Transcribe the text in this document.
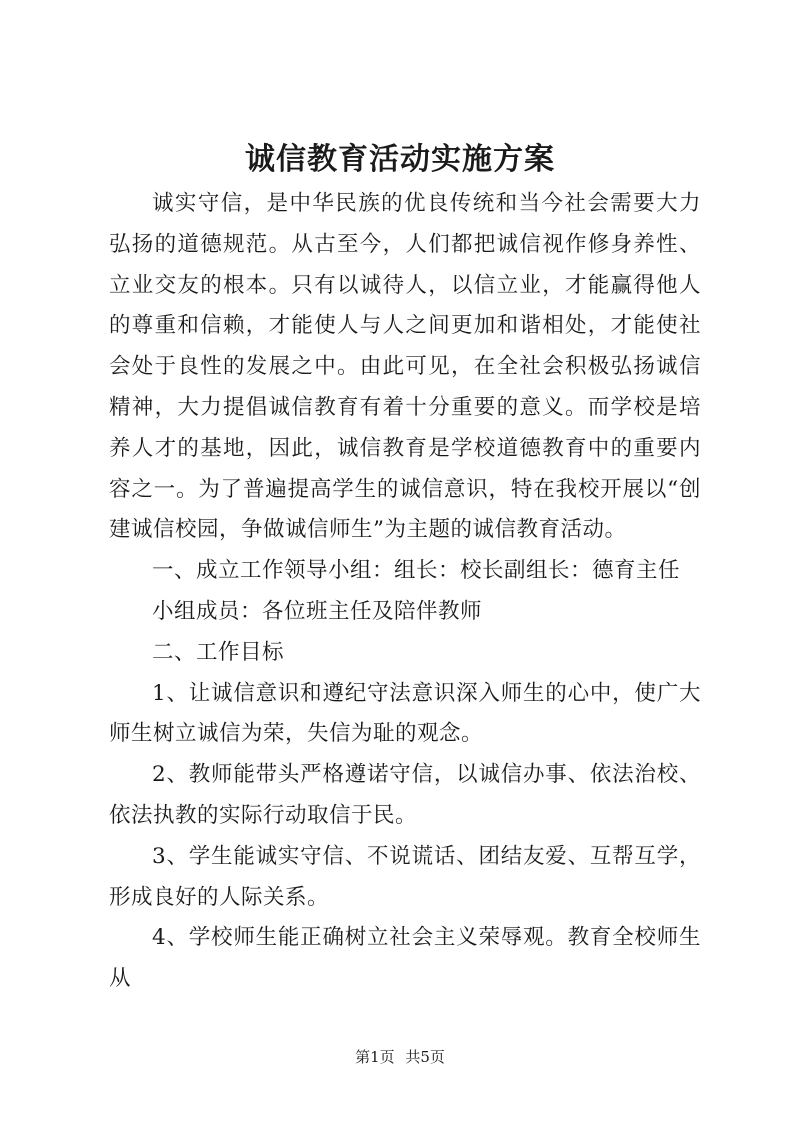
诚信教育活动实施方案

诚实守信，是中华民族的优良传统和当今社会需要大力弘扬的道德规范。从古至今，人们都把诚信视作修身养性、立业交友的根本。只有以诚待人，以信立业，才能赢得他人的尊重和信赖，才能使人与人之间更加和谐相处，才能使社会处于良性的发展之中。由此可见，在全社会积极弘扬诚信精神，大力提倡诚信教育有着十分重要的意义。而学校是培养人才的基地，因此，诚信教育是学校道德教育中的重要内容之一。为了普遍提高学生的诚信意识，特在我校开展以“创建诚信校园，争做诚信师生”为主题的诚信教育活动。

一、成立工作领导小组：组长：校长副组长：德育主任

小组成员：各位班主任及陪伴教师

二、工作目标

1、让诚信意识和遵纪守法意识深入师生的心中，使广大师生树立诚信为荣，失信为耻的观念。

2、教师能带头严格遵诺守信，以诚信办事、依法治校、依法执教的实际行动取信于民。

3、学生能诚实守信、不说谎话、团结友爱、互帮互学，形成良好的人际关系。

4、学校师生能正确树立社会主义荣辱观。教育全校师生从

第1页 共5页
